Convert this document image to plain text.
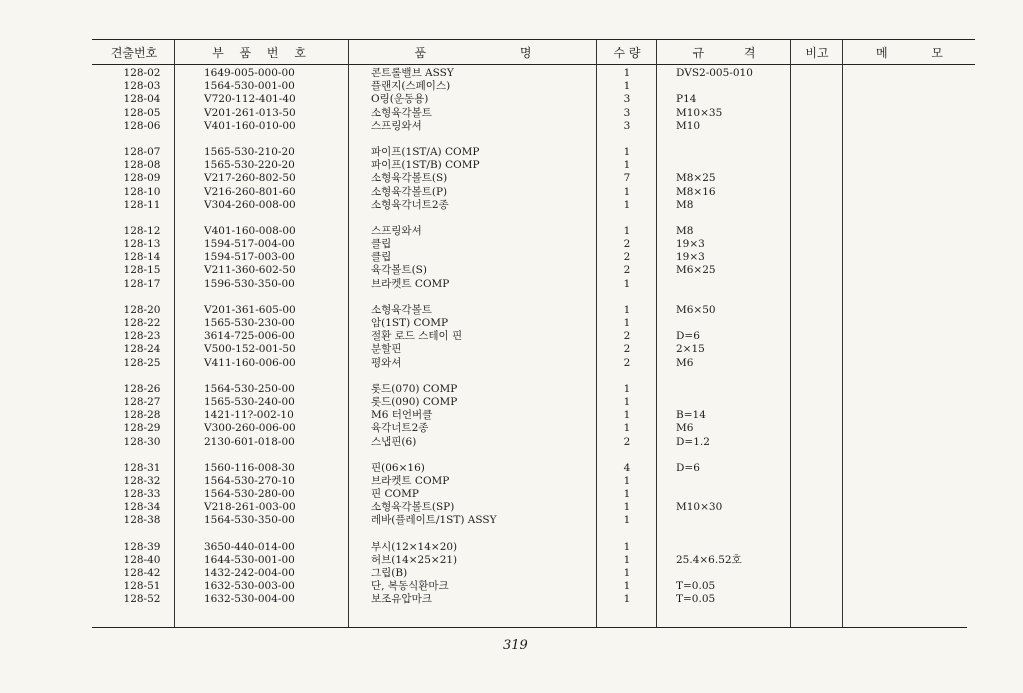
견출번호	부 품 번 호	품 명	수 량	규 격	비고	메 모
128-02	1649-005-000-00	콘트롤밸브 ASSY	1	DVS2-005-010
128-03	1564-530-001-00	플랜지(스페이스)	1
128-04	V720-112-401-40	O링(운동용)	3	P14
128-05	V201-261-013-50	소형육각볼트	3	M10×35
128-06	V401-160-010-00	스프링와셔	3	M10
128-07	1565-530-210-20	파이프(1ST/A) COMP	1
128-08	1565-530-220-20	파이프(1ST/B) COMP	1
128-09	V217-260-802-50	소형육각볼트(S)	7	M8×25
128-10	V216-260-801-60	소형육각볼트(P)	1	M8×16
128-11	V304-260-008-00	소형육각너트2종	1	M8
128-12	V401-160-008-00	스프링와셔	1	M8
128-13	1594-517-004-00	클립	2	19×3
128-14	1594-517-003-00	클립	2	19×3
128-15	V211-360-602-50	육각볼트(S)	2	M6×25
128-17	1596-530-350-00	브라켓트 COMP	1
128-20	V201-361-605-00	소형육각볼트	1	M6×50
128-22	1565-530-230-00	암(1ST) COMP	1
128-23	3614-725-006-00	절환 로드 스테이 핀	2	D=6
128-24	V500-152-001-50	분할핀	2	2×15
128-25	V411-160-006-00	평와셔	2	M6
128-26	1564-530-250-00	롯드(070) COMP	1
128-27	1565-530-240-00	롯드(090) COMP	1
128-28	1421-11?-002-10	M6 터언버클	1	B=14
128-29	V300-260-006-00	육각너트2종	1	M6
128-30	2130-601-018-00	스냅핀(6)	2	D=1.2
128-31	1560-116-008-30	핀(06×16)	4	D=6
128-32	1564-530-270-10	브라켓트 COMP	1
128-33	1564-530-280-00	핀 COMP	1
128-34	V218-261-003-00	소형육각볼트(SP)	1	M10×30
128-38	1564-530-350-00	레바(플레이트/1ST) ASSY	1
128-39	3650-440-014-00	부시(12×14×20)	1
128-40	1644-530-001-00	허브(14×25×21)	1	25.4×6.52호
128-42	1432-242-004-00	그립(B)	1
128-51	1632-530-003-00	단, 복동식환마크	1	T=0.05
128-52	1632-530-004-00	보조유압마크	1	T=0.05
319
